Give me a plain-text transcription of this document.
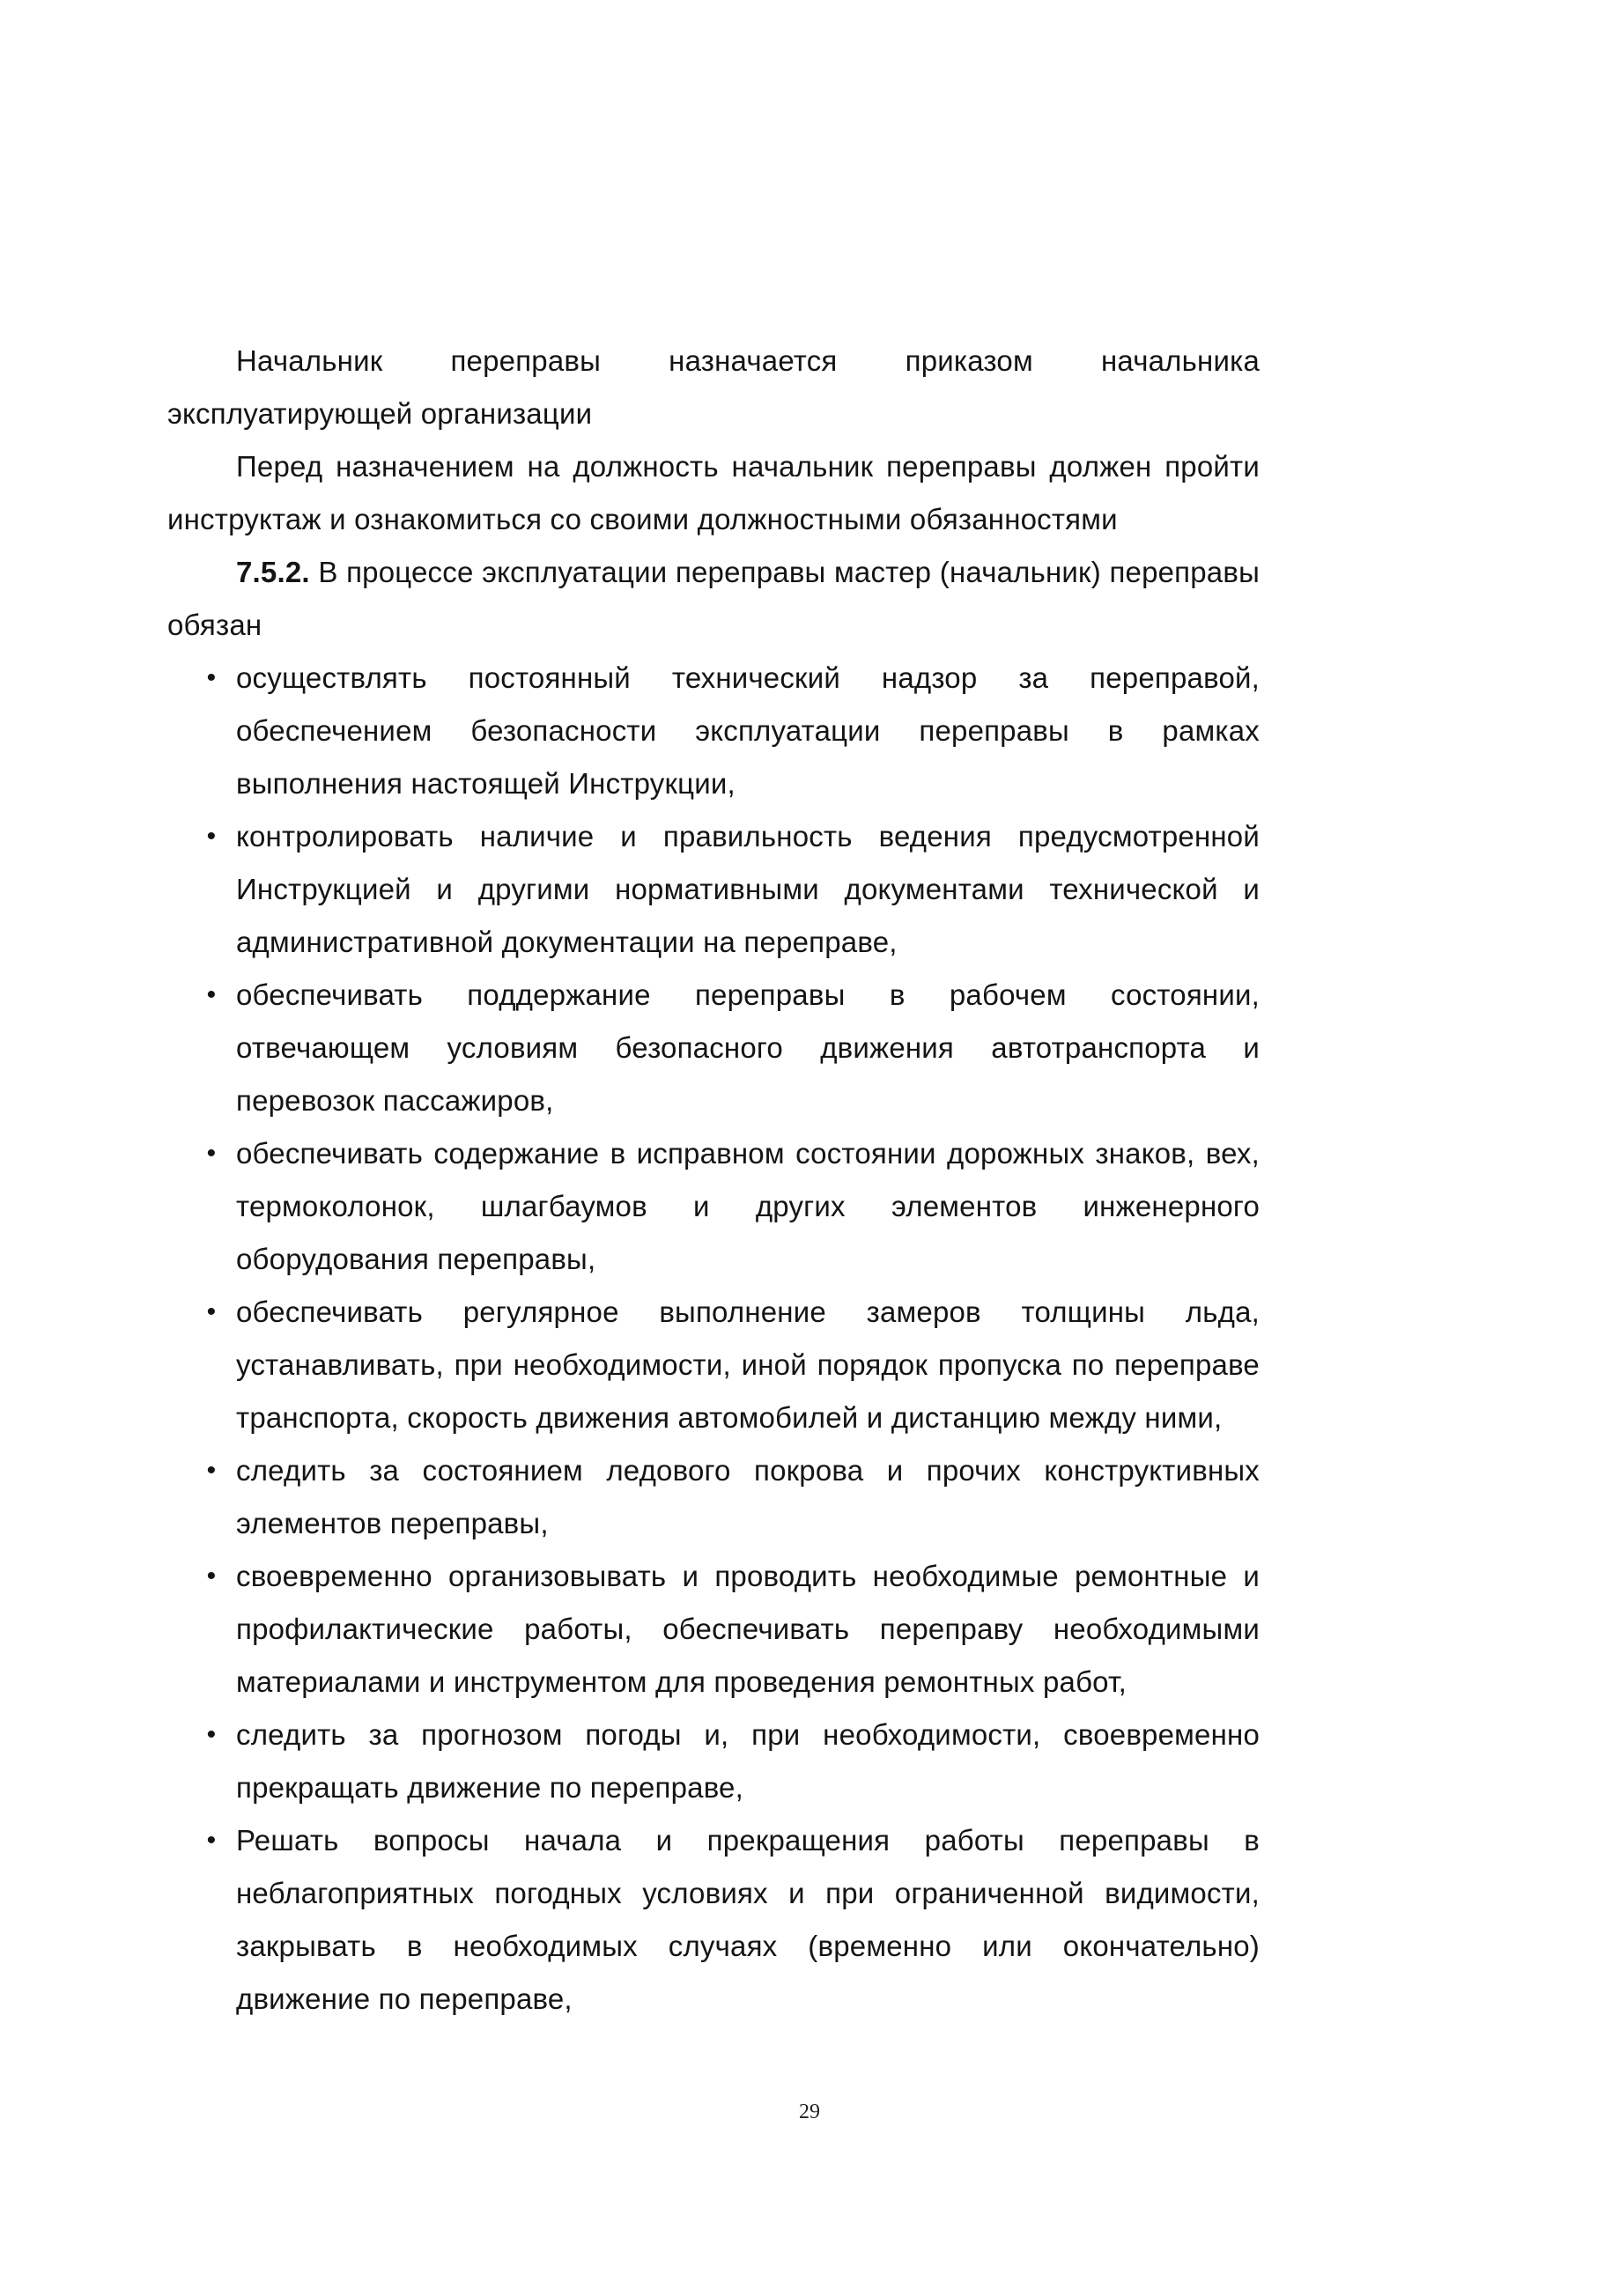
Начальник переправы назначается приказом начальника эксплуатирующей организации

Перед назначением на должность начальник переправы должен пройти инструктаж и ознакомиться со своими должностными обязанностями

7.5.2. В процессе эксплуатации переправы мастер (начальник) переправы обязан

• осуществлять постоянный технический надзор за переправой, обеспечением безопасности эксплуатации переправы в рамках выполнения настоящей Инструкции,
• контролировать наличие и правильность ведения предусмотренной Инструкцией и другими нормативными документами технической и административной документации на переправе,
• обеспечивать поддержание переправы в рабочем состоянии, отвечающем условиям безопасного движения автотранспорта и перевозок пассажиров,
• обеспечивать содержание в исправном состоянии дорожных знаков, вех, термоколонок, шлагбаумов и других элементов инженерного оборудования переправы,
• обеспечивать регулярное выполнение замеров толщины льда, устанавливать, при необходимости, иной порядок пропуска по переправе транспорта, скорость движения автомобилей и дистанцию между ними,
• следить за состоянием ледового покрова и прочих конструктивных элементов переправы,
• своевременно организовывать и проводить необходимые ремонтные и профилактические работы, обеспечивать переправу необходимыми материалами и инструментом для проведения ремонтных работ,
• следить за прогнозом погоды и, при необходимости, своевременно прекращать движение по переправе,
• Решать вопросы начала и прекращения работы переправы в неблагоприятных погодных условиях и при ограниченной видимости, закрывать в необходимых случаях (временно или окончательно) движение по переправе,
29
